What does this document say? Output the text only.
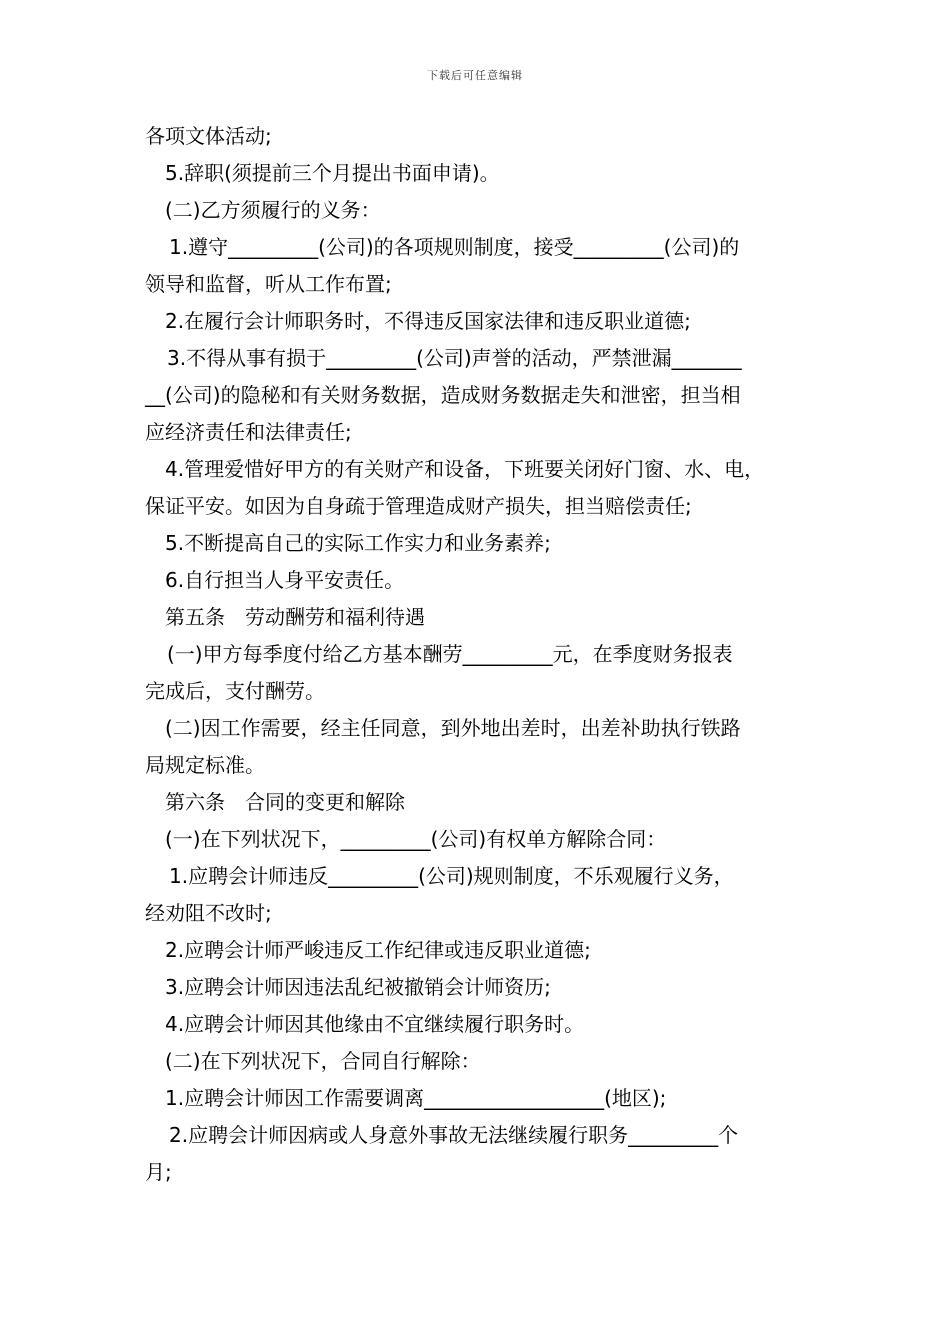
下载后可任意编辑
各项文体活动;
5.辞职(须提前三个月提出书面申请)。
(二)乙方须履行的义务：
1.遵守_________(公司)的各项规则制度，接受_________(公司)的
领导和监督，听从工作布置;
2.在履行会计师职务时，不得违反国家法律和违反职业道德;
3.不得从事有损于_________(公司)声誉的活动，严禁泄漏_______
__(公司)的隐秘和有关财务数据，造成财务数据走失和泄密，担当相
应经济责任和法律责任;
4.管理爱惜好甲方的有关财产和设备，下班要关闭好门窗、水、电，
保证平安。如因为自身疏于管理造成财产损失，担当赔偿责任;
5.不断提高自己的实际工作实力和业务素养;
6.自行担当人身平安责任。
第五条　劳动酬劳和福利待遇
(一)甲方每季度付给乙方基本酬劳_________元，在季度财务报表
完成后，支付酬劳。
(二)因工作需要，经主任同意，到外地出差时，出差补助执行铁路
局规定标准。
第六条　合同的变更和解除
(一)在下列状况下，_________(公司)有权单方解除合同：
1.应聘会计师违反_________(公司)规则制度，不乐观履行义务，
经劝阻不改时;
2.应聘会计师严峻违反工作纪律或违反职业道德;
3.应聘会计师因违法乱纪被撤销会计师资历;
4.应聘会计师因其他缘由不宜继续履行职务时。
(二)在下列状况下，合同自行解除：
1.应聘会计师因工作需要调离__________________(地区);
2.应聘会计师因病或人身意外事故无法继续履行职务_________个
月;
